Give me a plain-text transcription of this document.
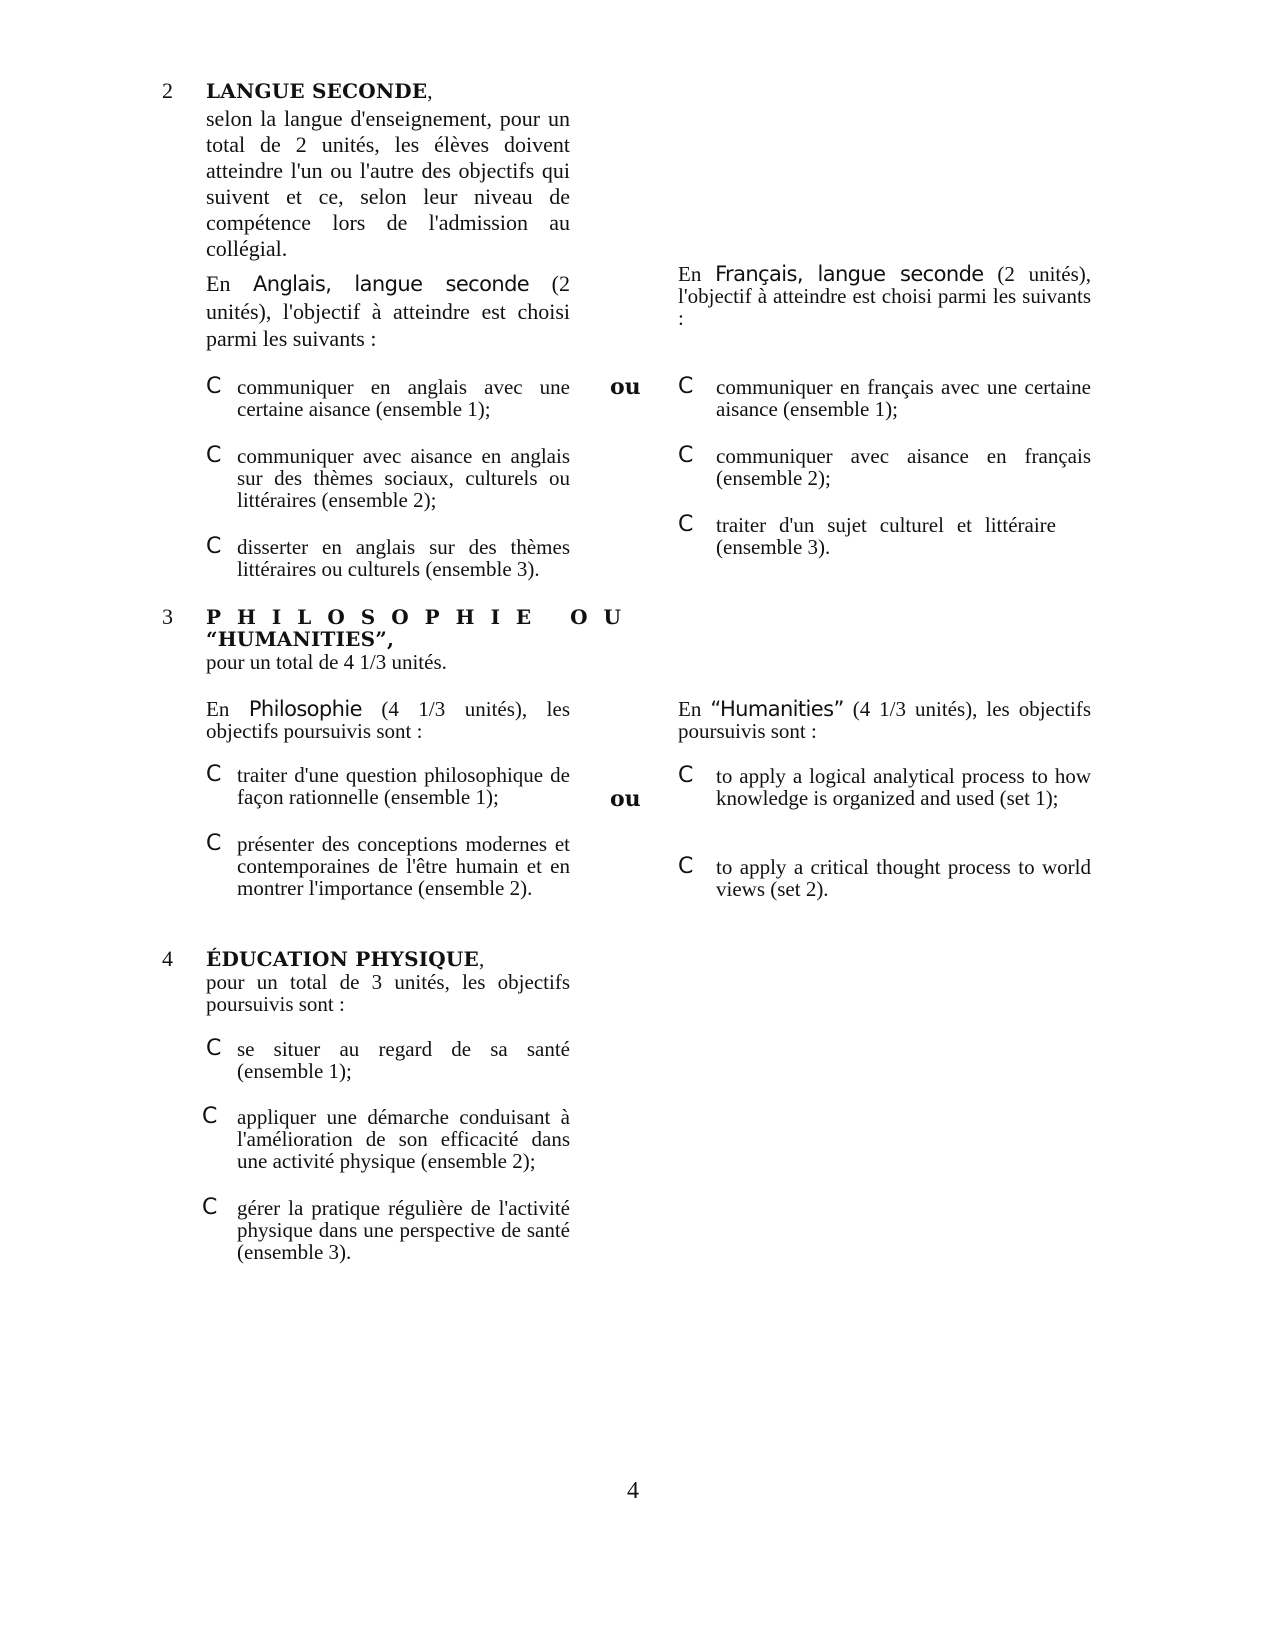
2 LANGUE SECONDE,
selon la langue d'enseignement, pour un total de 2 unités, les élèves doivent atteindre l'un ou l'autre des objectifs qui suivent et ce, selon leur niveau de compétence lors de l'admission au collégial.
En Anglais, langue seconde (2 unités), l'objectif à atteindre est choisi parmi les suivants :
C communiquer en anglais avec une certaine aisance (ensemble 1);
C communiquer avec aisance en anglais sur des thèmes sociaux, culturels ou littéraires (ensemble 2);
C disserter en anglais sur des thèmes littéraires ou culturels (ensemble 3).
ou
En Français, langue seconde (2 unités), l'objectif à atteindre est choisi parmi les suivants :
C communiquer en français avec une certaine aisance (ensemble 1);
C communiquer avec aisance en français (ensemble 2);
C traiter d'un sujet culturel et littéraire (ensemble 3).
3 PHILOSOPHIE OU
“HUMANITIES”,
pour un total de 4 1/3 unités.
En Philosophie (4 1/3 unités), les objectifs poursuivis sont :
C traiter d'une question philosophique de façon rationnelle (ensemble 1);
C présenter des conceptions modernes et contemporaines de l'être humain et en montrer l'importance (ensemble 2).
ou
En “Humanities” (4 1/3 unités), les objectifs poursuivis sont :
C to apply a logical analytical process to how knowledge is organized and used (set 1);
C to apply a critical thought process to world views (set 2).
4 ÉDUCATION PHYSIQUE,
pour un total de 3 unités, les objectifs poursuivis sont :
C se situer au regard de sa santé (ensemble 1);
C appliquer une démarche conduisant à l'amélioration de son efficacité dans une activité physique (ensemble 2);
C gérer la pratique régulière de l'activité physique dans une perspective de santé (ensemble 3).
4
